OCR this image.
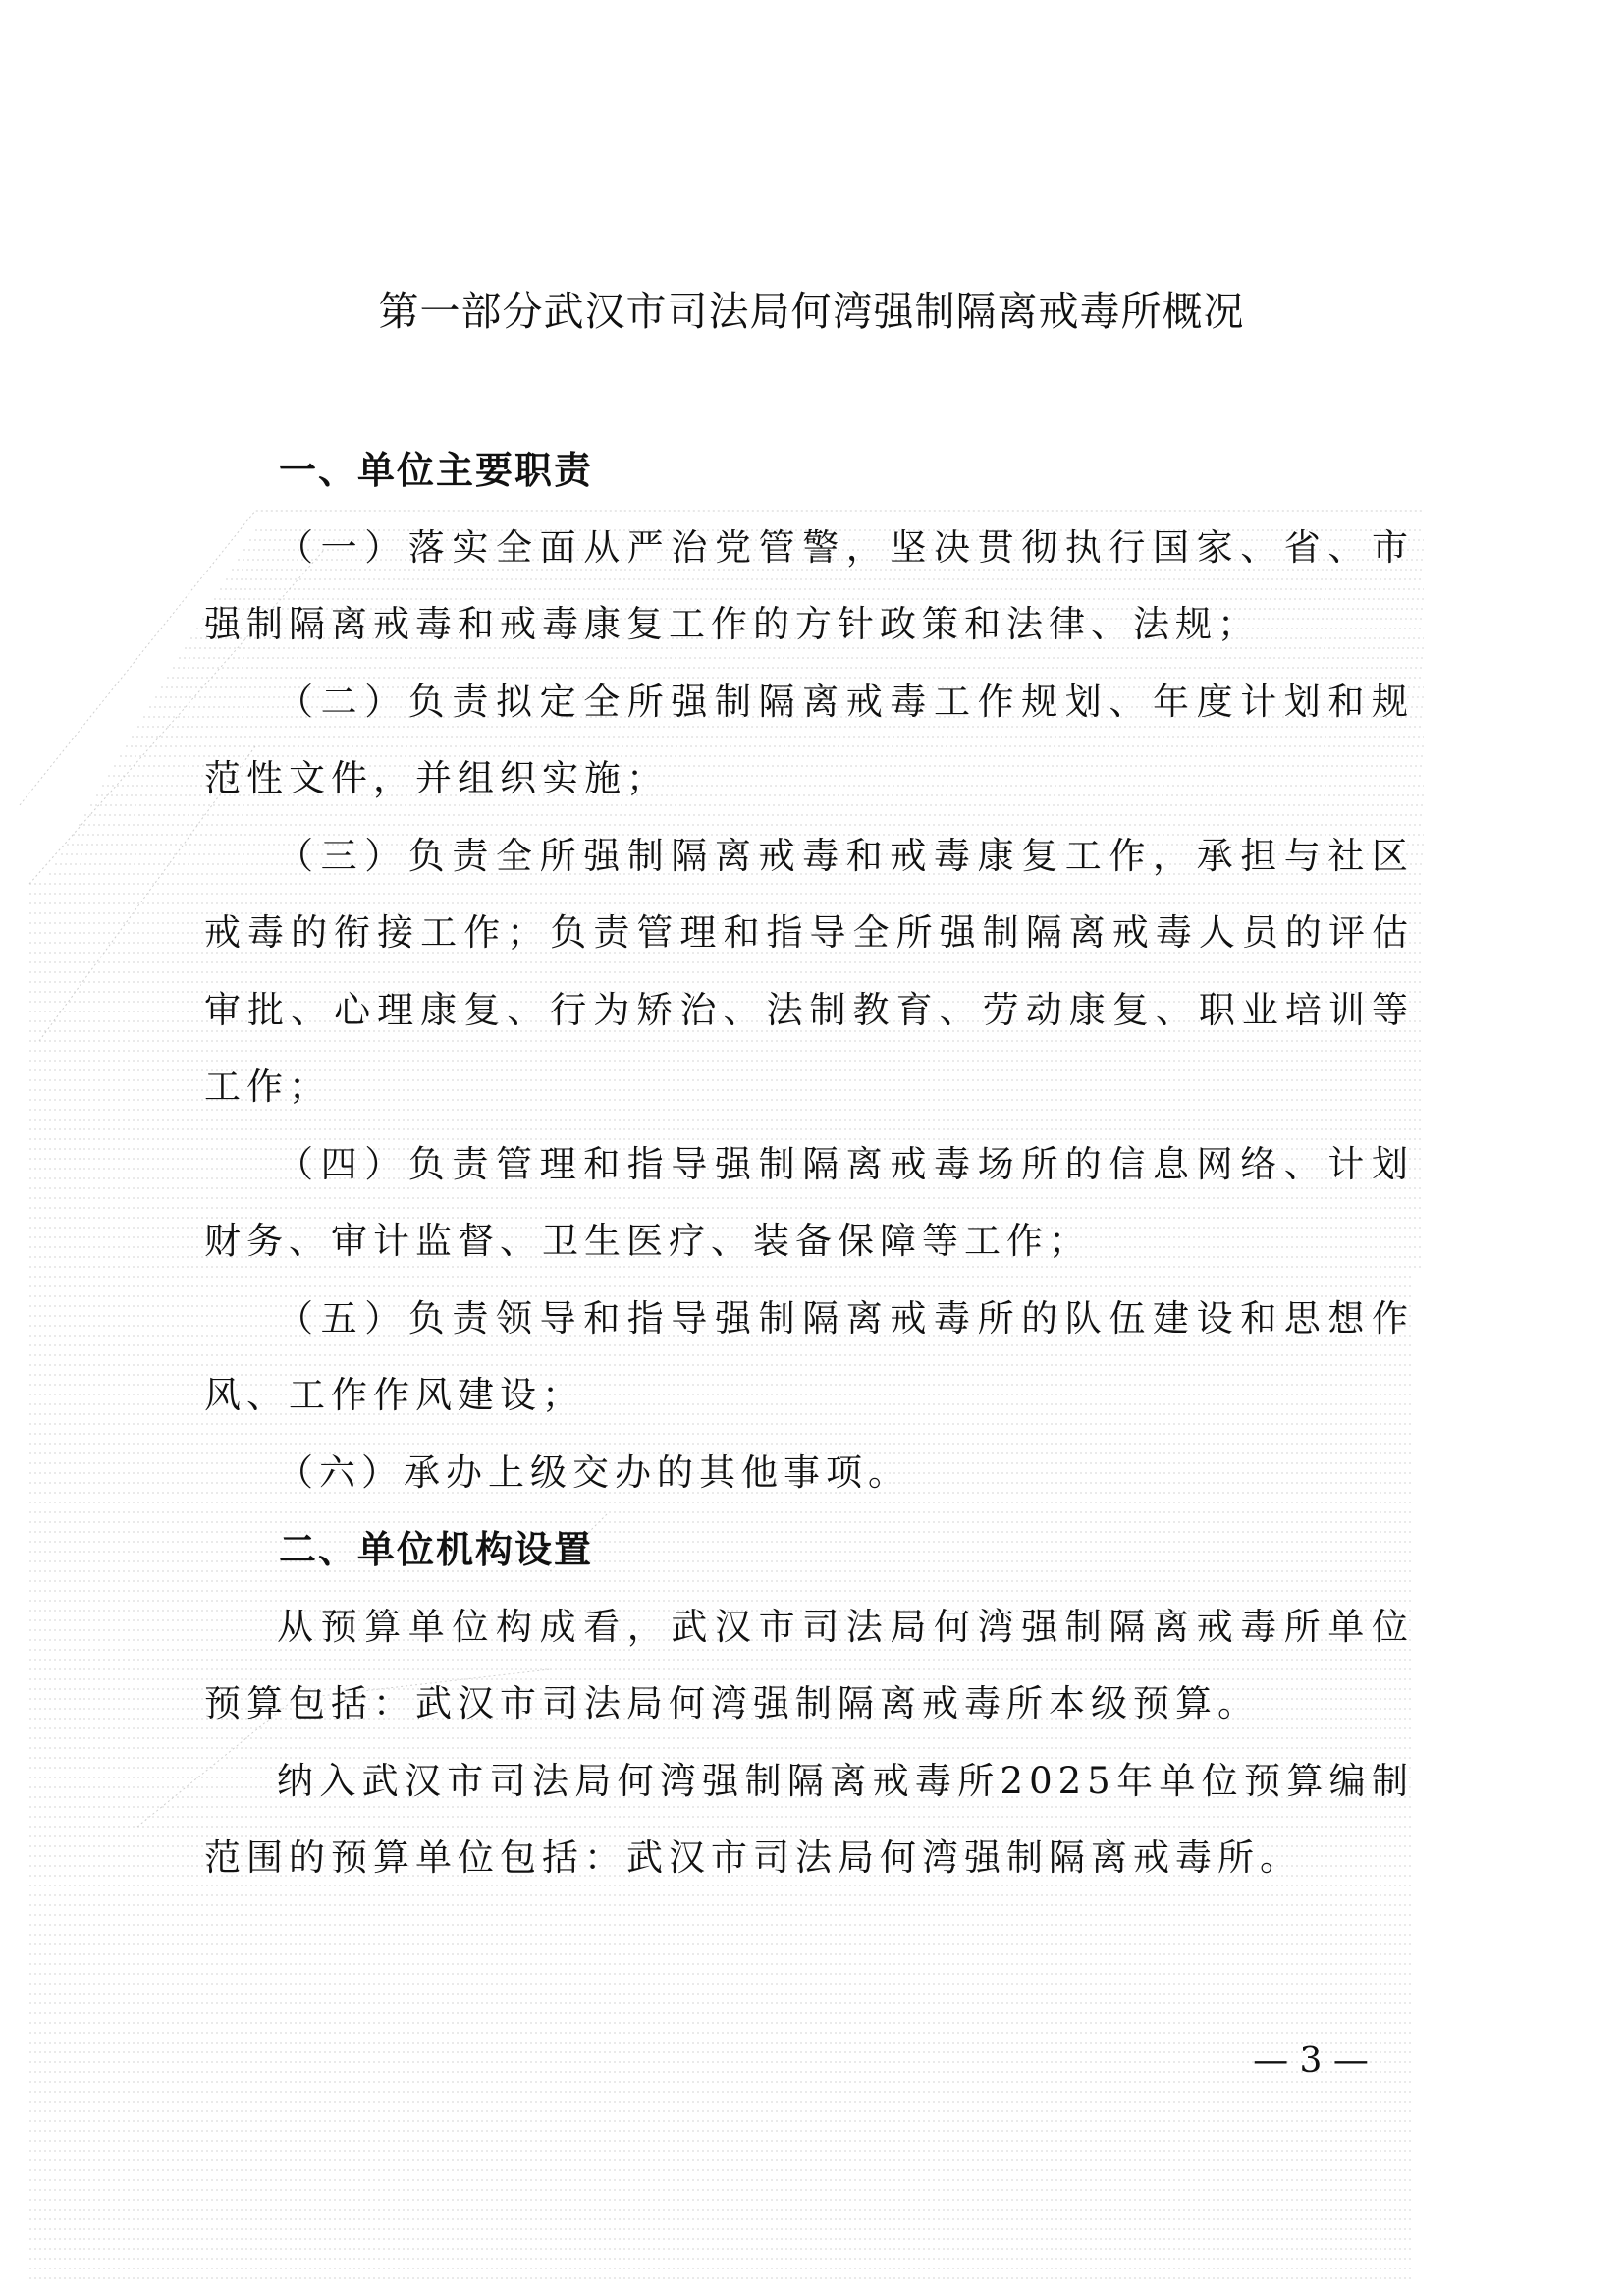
第一部分武汉市司法局何湾强制隔离戒毒所概况
一、单位主要职责

（一）落实全面从严治党管警，坚决贯彻执行国家、省、市强制隔离戒毒和戒毒康复工作的方针政策和法律、法规；

（二）负责拟定全所强制隔离戒毒工作规划、年度计划和规范性文件，并组织实施；

（三）负责全所强制隔离戒毒和戒毒康复工作，承担与社区戒毒的衔接工作；负责管理和指导全所强制隔离戒毒人员的评估审批、心理康复、行为矫治、法制教育、劳动康复、职业培训等工作；

（四）负责管理和指导强制隔离戒毒场所的信息网络、计划财务、审计监督、卫生医疗、装备保障等工作；

（五）负责领导和指导强制隔离戒毒所的队伍建设和思想作风、工作作风建设；

（六）承办上级交办的其他事项。

二、单位机构设置

从预算单位构成看，武汉市司法局何湾强制隔离戒毒所单位预算包括：武汉市司法局何湾强制隔离戒毒所本级预算。

纳入武汉市司法局何湾强制隔离戒毒所2025年单位预算编制范围的预算单位包括：武汉市司法局何湾强制隔离戒毒所。

— 3 —
